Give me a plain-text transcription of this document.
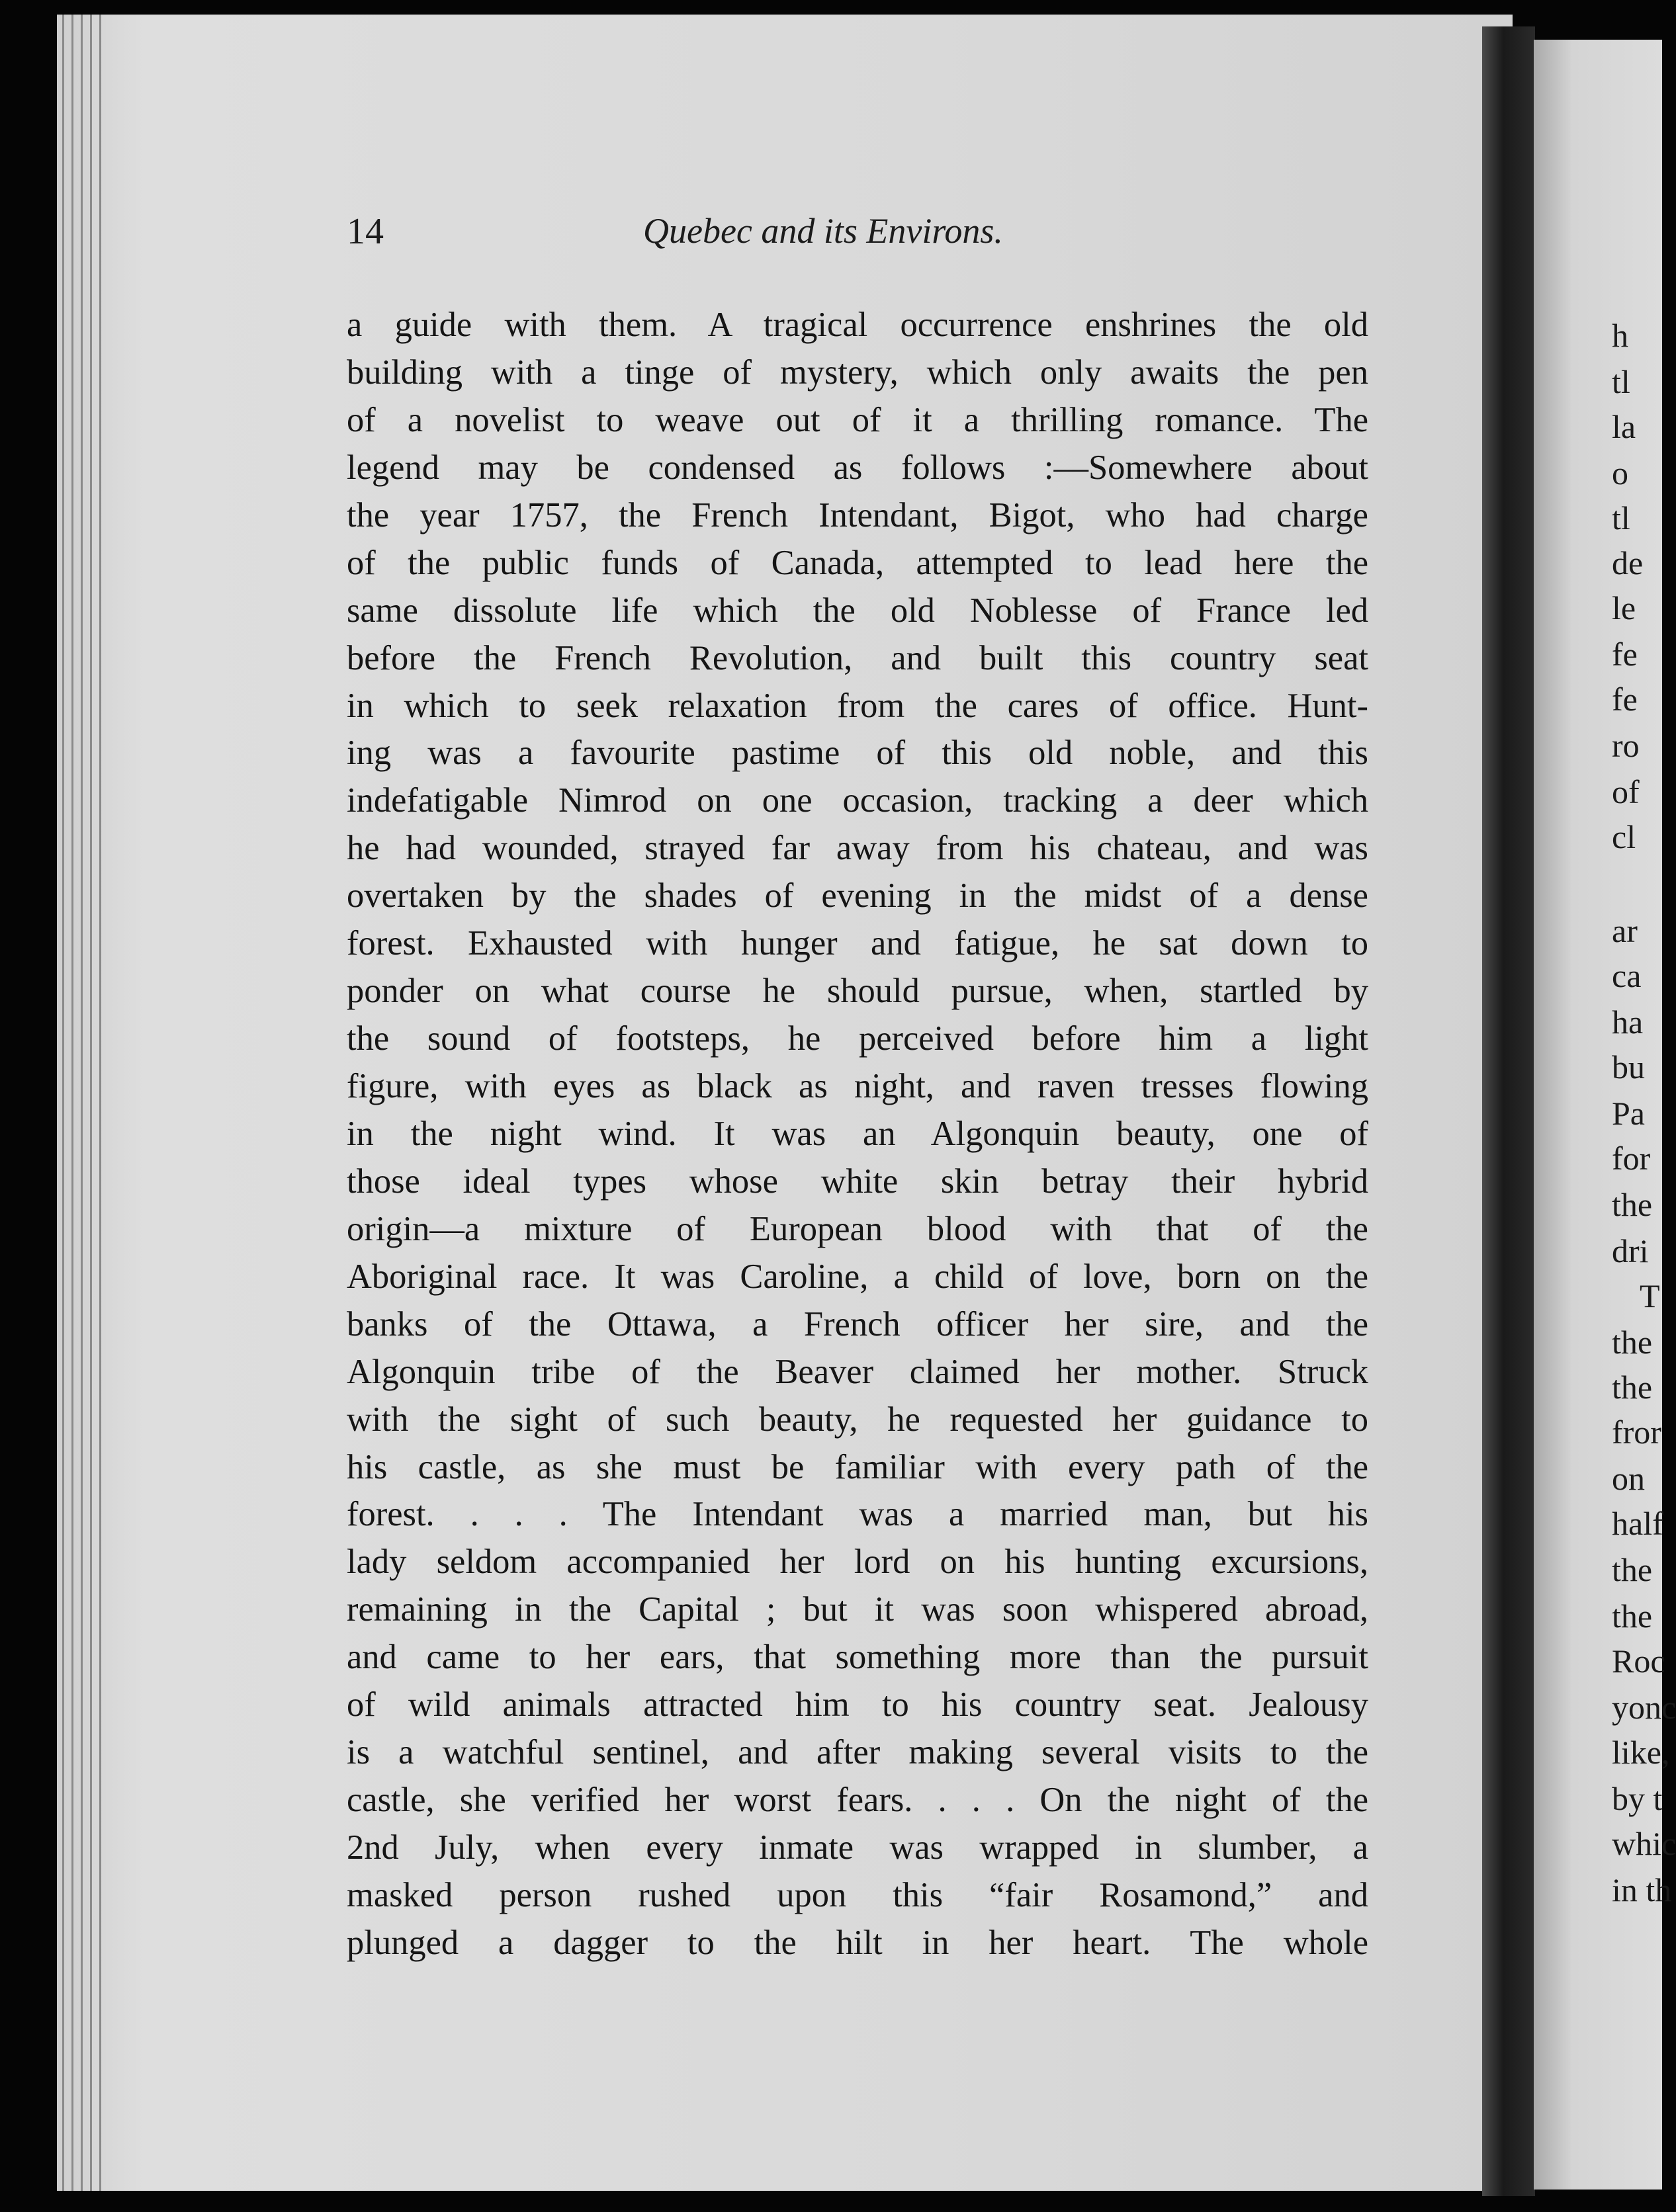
h
tl
la
o
tl
de
le
fe
fe
ro
of
cl
ar
ca
ha
bu
Pa
for
the
dri
T
the
the
fror
on
half
the
the
Roc
yonc
like,
by t
whic
in th
14	Quebec and its Environs.
a guide with them. A tragical occurrence enshrines the old
building with a tinge of mystery, which only awaits the pen
of a novelist to weave out of it a thrilling romance. The
legend may be condensed as follows :—Somewhere about
the year 1757, the French Intendant, Bigot, who had charge
of the public funds of Canada, attempted to lead here the
same dissolute life which the old Noblesse of France led
before the French Revolution, and built this country seat
in which to seek relaxation from the cares of office. Hunt-
ing was a favourite pastime of this old noble, and this
indefatigable Nimrod on one occasion, tracking a deer which
he had wounded, strayed far away from his chateau, and was
overtaken by the shades of evening in the midst of a dense
forest. Exhausted with hunger and fatigue, he sat down to
ponder on what course he should pursue, when, startled by
the sound of footsteps, he perceived before him a light
figure, with eyes as black as night, and raven tresses flowing
in the night wind. It was an Algonquin beauty, one of
those ideal types whose white skin betray their hybrid
origin—a mixture of European blood with that of the
Aboriginal race. It was Caroline, a child of love, born on the
banks of the Ottawa, a French officer her sire, and the
Algonquin tribe of the Beaver claimed her mother. Struck
with the sight of such beauty, he requested her guidance to
his castle, as she must be familiar with every path of the
forest. . . . The Intendant was a married man, but his
lady seldom accompanied her lord on his hunting excursions,
remaining in the Capital ; but it was soon whispered abroad,
and came to her ears, that something more than the pursuit
of wild animals attracted him to his country seat. Jealousy
is a watchful sentinel, and after making several visits to the
castle, she verified her worst fears. . . . On the night of the
2nd July, when every inmate was wrapped in slumber, a
masked person rushed upon this “fair Rosamond,” and
plunged a dagger to the hilt in her heart. The whole
